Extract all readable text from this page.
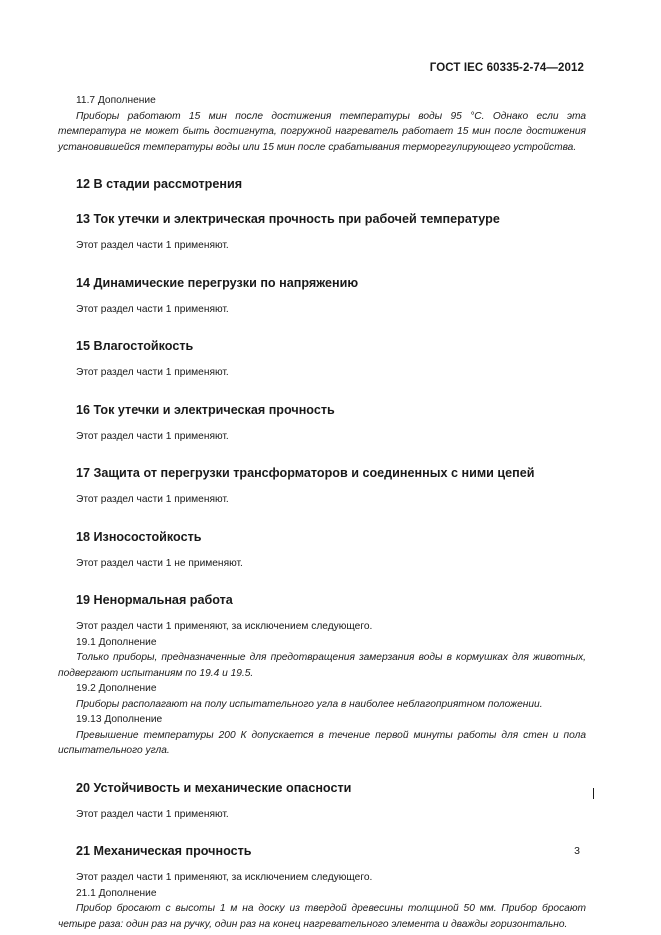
ГОСТ IEC 60335-2-74—2012

11.7 Дополнение

Приборы работают 15 мин после достижения температуры воды 95 °С. Однако если эта температура не может быть достигнута, погружной нагреватель работает 15 мин после достижения установившейся температуры воды или 15 мин после срабатывания терморегулирующего устройства.

12 В стадии рассмотрения

13 Ток утечки и электрическая прочность при рабочей температуре

Этот раздел части 1 применяют.

14 Динамические перегрузки по напряжению

Этот раздел части 1 применяют.

15 Влагостойкость

Этот раздел части 1 применяют.

16 Ток утечки и электрическая прочность

Этот раздел части 1 применяют.

17 Защита от перегрузки трансформаторов и соединенных с ними цепей

Этот раздел части 1 применяют.

18 Износостойкость

Этот раздел части 1 не применяют.

19 Ненормальная работа

Этот раздел части 1 применяют, за исключением следующего.

19.1 Дополнение

Только приборы, предназначенные для предотвращения замерзания воды в кормушках для животных, подвергают испытаниям по 19.4 и 19.5.

19.2 Дополнение

Приборы располагают на полу испытательного угла в наиболее неблагоприятном положении.

19.13 Дополнение

Превышение температуры 200 К допускается в течение первой минуты работы для стен и пола испытательного угла.

20 Устойчивость и механические опасности

Этот раздел части 1 применяют.

21 Механическая прочность

Этот раздел части 1 применяют, за исключением следующего.

21.1 Дополнение

Прибор бросают с высоты 1 м на доску из твердой древесины толщиной 50 мм. Прибор бросают четыре раза: один раз на ручку, один раз на конец нагревательного элемента и дважды горизонтально.

3
